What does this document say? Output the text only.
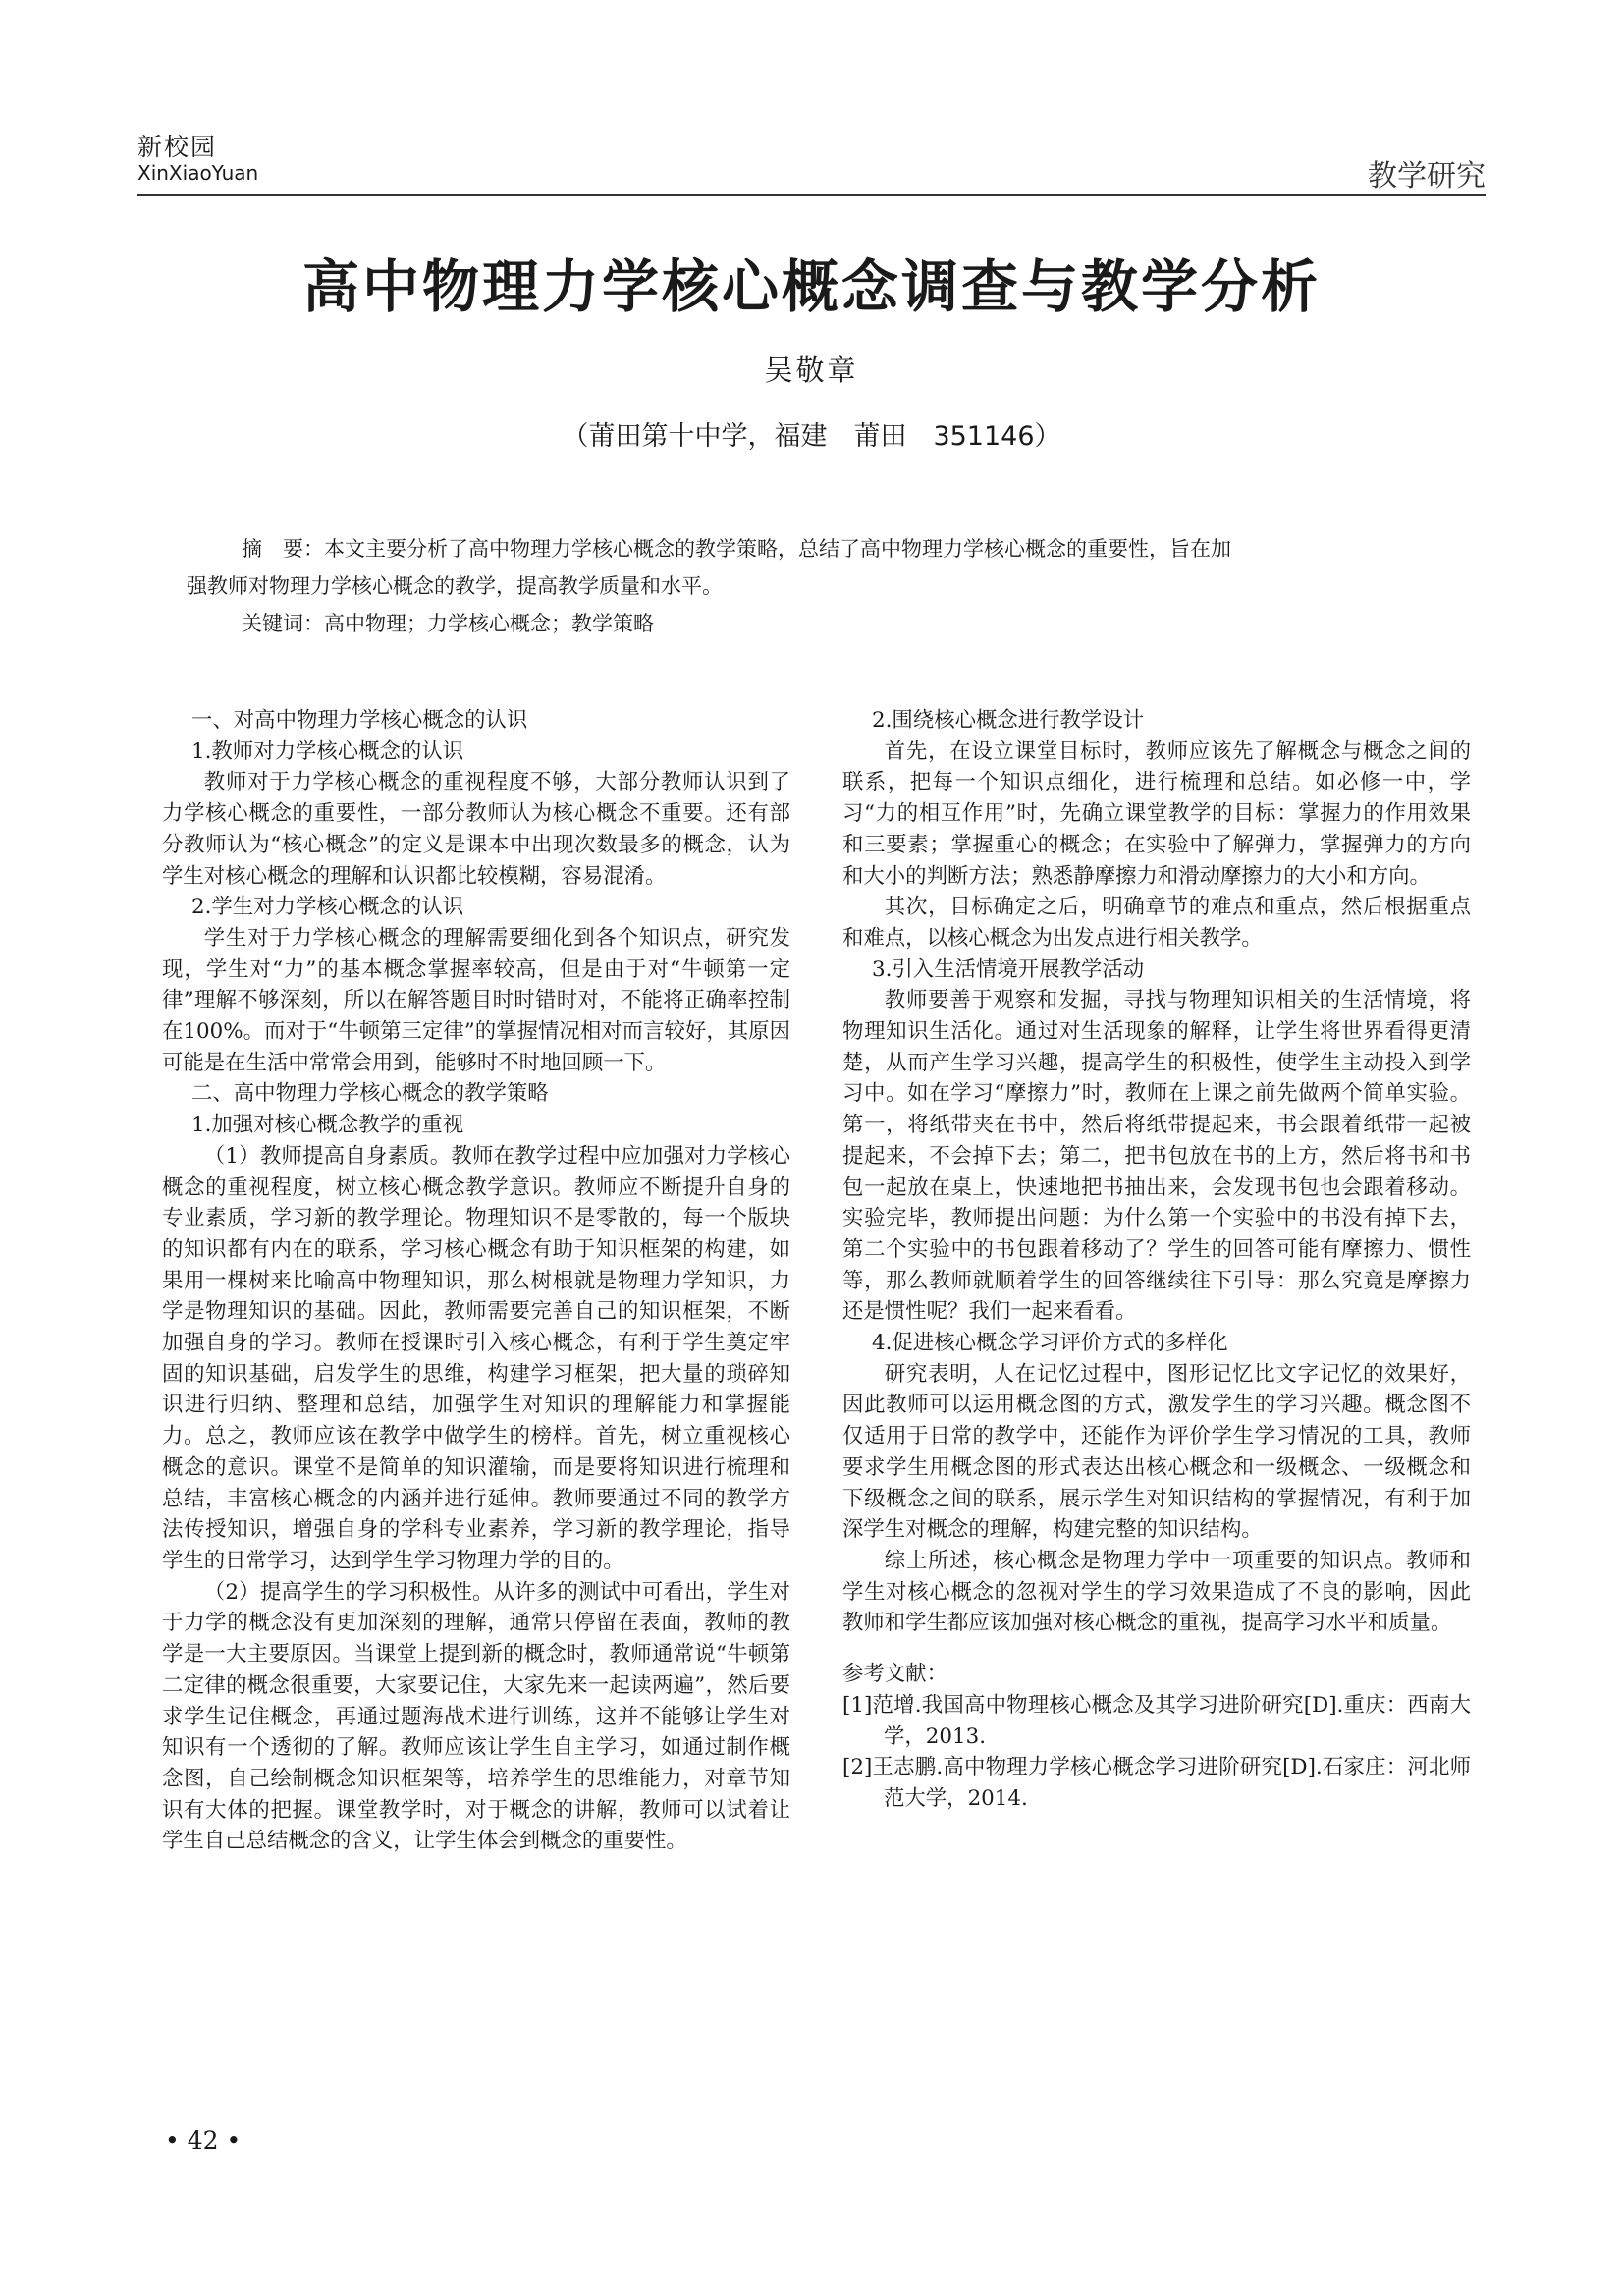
新校园
XinXiaoYuan	教学研究
高中物理力学核心概念调查与教学分析
吴敬章
（莆田第十中学，福建　莆田　351146）
摘　要：本文主要分析了高中物理力学核心概念的教学策略，总结了高中物理力学核心概念的重要性，旨在加
强教师对物理力学核心概念的教学，提高教学质量和水平。
关键词：高中物理；力学核心概念；教学策略

一、对高中物理力学核心概念的认识

1.教师对力学核心概念的认识

教师对于力学核心概念的重视程度不够，大部分教师认识到了力学核心概念的重要性，一部分教师认为核心概念不重要。还有部分教师认为“核心概念”的定义是课本中出现次数最多的概念，认为学生对核心概念的理解和认识都比较模糊，容易混淆。

2.学生对力学核心概念的认识

学生对于力学核心概念的理解需要细化到各个知识点，研究发现，学生对“力”的基本概念掌握率较高，但是由于对“牛顿第一定律”理解不够深刻，所以在解答题目时时错时对，不能将正确率控制在100%。而对于“牛顿第三定律”的掌握情况相对而言较好，其原因可能是在生活中常常会用到，能够时不时地回顾一下。

二、高中物理力学核心概念的教学策略

1.加强对核心概念教学的重视

（1）教师提高自身素质。教师在教学过程中应加强对力学核心概念的重视程度，树立核心概念教学意识。教师应不断提升自身的专业素质，学习新的教学理论。物理知识不是零散的，每一个版块的知识都有内在的联系，学习核心概念有助于知识框架的构建，如果用一棵树来比喻高中物理知识，那么树根就是物理力学知识，力学是物理知识的基础。因此，教师需要完善自己的知识框架，不断加强自身的学习。教师在授课时引入核心概念，有利于学生奠定牢固的知识基础，启发学生的思维，构建学习框架，把大量的琐碎知识进行归纳、整理和总结，加强学生对知识的理解能力和掌握能力。总之，教师应该在教学中做学生的榜样。首先，树立重视核心概念的意识。课堂不是简单的知识灌输，而是要将知识进行梳理和总结，丰富核心概念的内涵并进行延伸。教师要通过不同的教学方法传授知识，增强自身的学科专业素养，学习新的教学理论，指导学生的日常学习，达到学生学习物理力学的目的。

（2）提高学生的学习积极性。从许多的测试中可看出，学生对于力学的概念没有更加深刻的理解，通常只停留在表面，教师的教学是一大主要原因。当课堂上提到新的概念时，教师通常说“牛顿第二定律的概念很重要，大家要记住，大家先来一起读两遍”，然后要求学生记住概念，再通过题海战术进行训练，这并不能够让学生对知识有一个透彻的了解。教师应该让学生自主学习，如通过制作概念图，自己绘制概念知识框架等，培养学生的思维能力，对章节知识有大体的把握。课堂教学时，对于概念的讲解，教师可以试着让学生自己总结概念的含义，让学生体会到概念的重要性。

2.围绕核心概念进行教学设计

首先，在设立课堂目标时，教师应该先了解概念与概念之间的联系，把每一个知识点细化，进行梳理和总结。如必修一中，学习“力的相互作用”时，先确立课堂教学的目标：掌握力的作用效果和三要素；掌握重心的概念；在实验中了解弹力，掌握弹力的方向和大小的判断方法；熟悉静摩擦力和滑动摩擦力的大小和方向。

其次，目标确定之后，明确章节的难点和重点，然后根据重点和难点，以核心概念为出发点进行相关教学。

3.引入生活情境开展教学活动

教师要善于观察和发掘，寻找与物理知识相关的生活情境，将物理知识生活化。通过对生活现象的解释，让学生将世界看得更清楚，从而产生学习兴趣，提高学生的积极性，使学生主动投入到学习中。如在学习“摩擦力”时，教师在上课之前先做两个简单实验。第一，将纸带夹在书中，然后将纸带提起来，书会跟着纸带一起被提起来，不会掉下去；第二，把书包放在书的上方，然后将书和书包一起放在桌上，快速地把书抽出来，会发现书包也会跟着移动。实验完毕，教师提出问题：为什么第一个实验中的书没有掉下去，第二个实验中的书包跟着移动了？学生的回答可能有摩擦力、惯性等，那么教师就顺着学生的回答继续往下引导：那么究竟是摩擦力还是惯性呢？我们一起来看看。

4.促进核心概念学习评价方式的多样化

研究表明，人在记忆过程中，图形记忆比文字记忆的效果好，因此教师可以运用概念图的方式，激发学生的学习兴趣。概念图不仅适用于日常的教学中，还能作为评价学生学习情况的工具，教师要求学生用概念图的形式表达出核心概念和一级概念、一级概念和下级概念之间的联系，展示学生对知识结构的掌握情况，有利于加深学生对概念的理解，构建完整的知识结构。

综上所述，核心概念是物理力学中一项重要的知识点。教师和学生对核心概念的忽视对学生的学习效果造成了不良的影响，因此教师和学生都应该加强对核心概念的重视，提高学习水平和质量。

参考文献：

[1]范增.我国高中物理核心概念及其学习进阶研究[D].重庆：西南大学，2013.

[2]王志鹏.高中物理力学核心概念学习进阶研究[D].石家庄：河北师范大学，2014.

• 42 •
